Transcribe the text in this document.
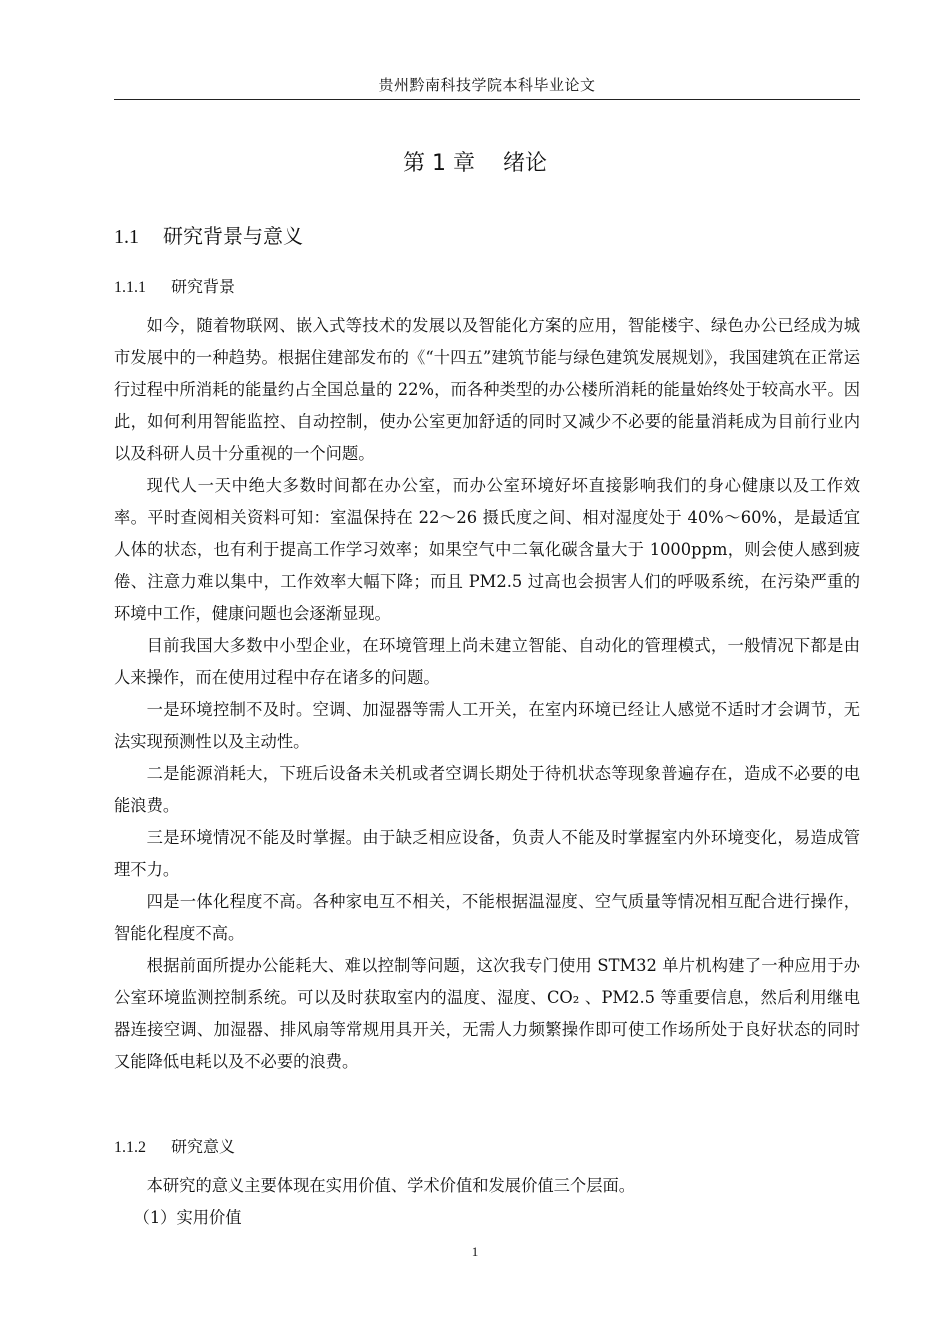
贵州黔南科技学院本科毕业论文
第 1 章 绪论
1.1 研究背景与意义
1.1.1 研究背景

如今，随着物联网、嵌入式等技术的发展以及智能化方案的应用，智能楼宇、绿色办公已经成为城市发展中的一种趋势。根据住建部发布的《“十四五”建筑节能与绿色建筑发展规划》，我国建筑在正常运行过程中所消耗的能量约占全国总量的 22%，而各种类型的办公楼所消耗的能量始终处于较高水平。因此，如何利用智能监控、自动控制，使办公室更加舒适的同时又减少不必要的能量消耗成为目前行业内以及科研人员十分重视的一个问题。

现代人一天中绝大多数时间都在办公室，而办公室环境好坏直接影响我们的身心健康以及工作效率。平时查阅相关资料可知：室温保持在 22～26 摄氏度之间、相对湿度处于 40%～60%，是最适宜人体的状态，也有利于提高工作学习效率；如果空气中二氧化碳含量大于 1000ppm，则会使人感到疲倦、注意力难以集中，工作效率大幅下降；而且 PM2.5 过高也会损害人们的呼吸系统，在污染严重的环境中工作，健康问题也会逐渐显现。

目前我国大多数中小型企业，在环境管理上尚未建立智能、自动化的管理模式，一般情况下都是由人来操作，而在使用过程中存在诸多的问题。

一是环境控制不及时。空调、加湿器等需人工开关，在室内环境已经让人感觉不适时才会调节，无法实现预测性以及主动性。

二是能源消耗大，下班后设备未关机或者空调长期处于待机状态等现象普遍存在，造成不必要的电能浪费。

三是环境情况不能及时掌握。由于缺乏相应设备，负责人不能及时掌握室内外环境变化，易造成管理不力。

四是一体化程度不高。各种家电互不相关，不能根据温湿度、空气质量等情况相互配合进行操作，智能化程度不高。

根据前面所提办公能耗大、难以控制等问题，这次我专门使用 STM32 单片机构建了一种应用于办公室环境监测控制系统。可以及时获取室内的温度、湿度、CO₂ 、PM2.5 等重要信息，然后利用继电器连接空调、加湿器、排风扇等常规用具开关，无需人力频繁操作即可使工作场所处于良好状态的同时又能降低电耗以及不必要的浪费。

1.1.2 研究意义

本研究的意义主要体现在实用价值、学术价值和发展价值三个层面。

（1）实用价值

1
